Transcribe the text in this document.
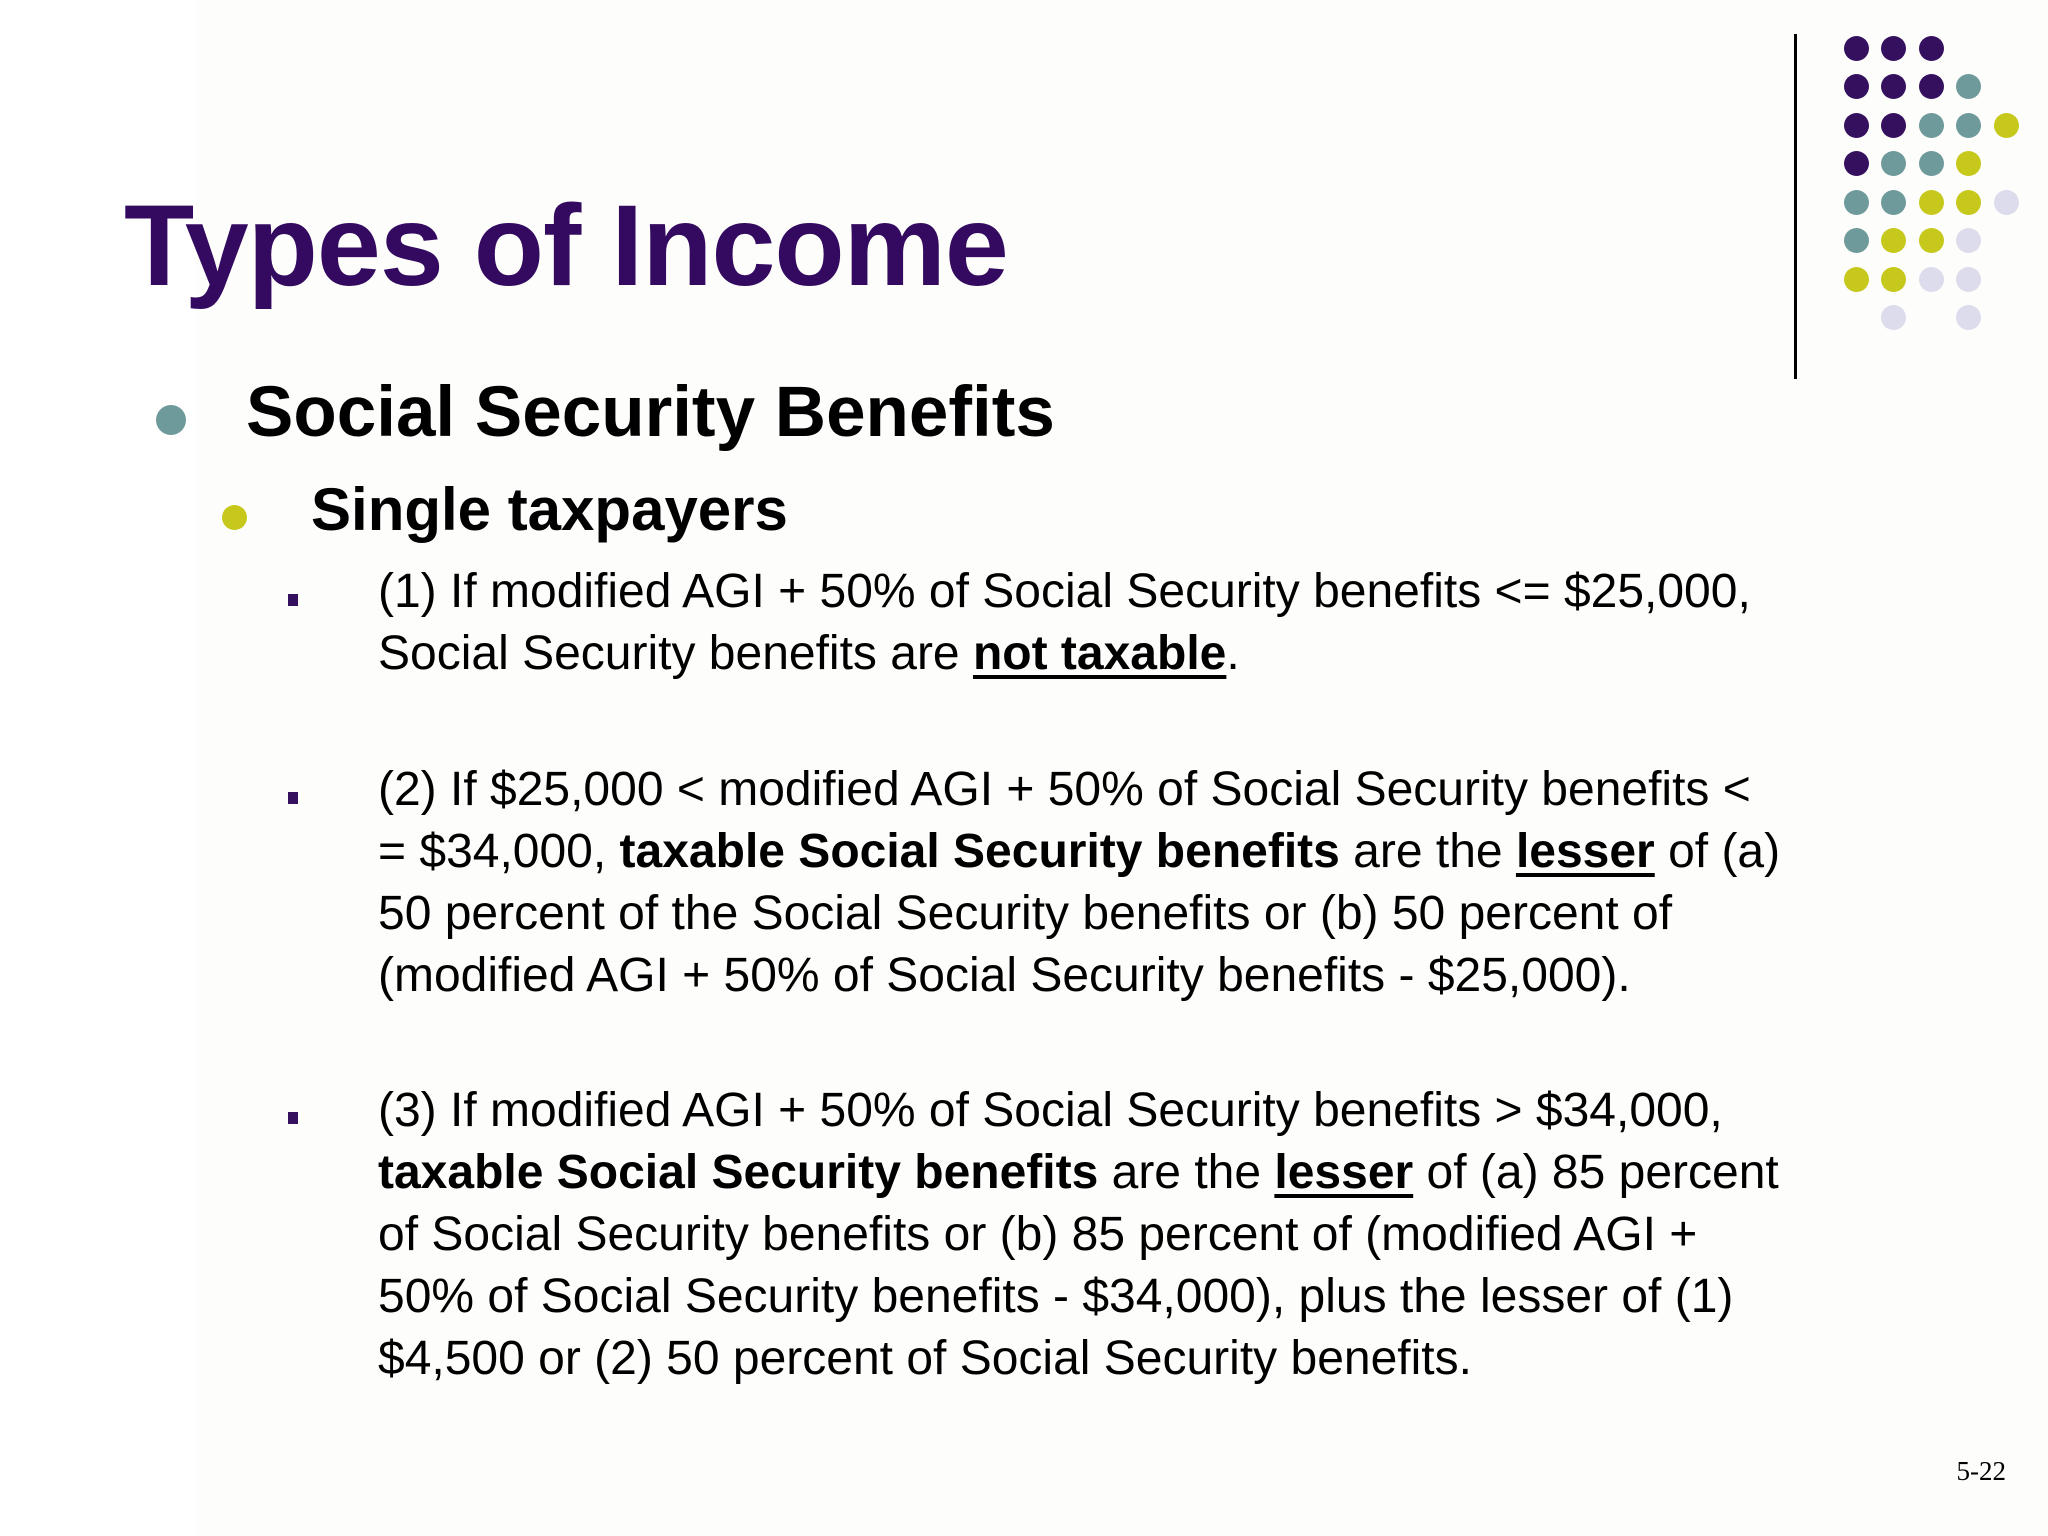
Types of Income
Social Security Benefits
Single taxpayers
(1) If modified AGI + 50% of Social Security benefits <= $25,000,
Social Security benefits are not taxable.
(2) If $25,000 < modified AGI + 50% of Social Security benefits <
= $34,000, taxable Social Security benefits are the lesser of (a)
50 percent of the Social Security benefits or (b) 50 percent of
(modified AGI + 50% of Social Security benefits - $25,000).
(3) If modified AGI + 50% of Social Security benefits > $34,000,
taxable Social Security benefits are the lesser of (a) 85 percent
of Social Security benefits or (b) 85 percent of (modified AGI +
50% of Social Security benefits - $34,000), plus the lesser of (1)
$4,500 or (2) 50 percent of Social Security benefits.
5-22
